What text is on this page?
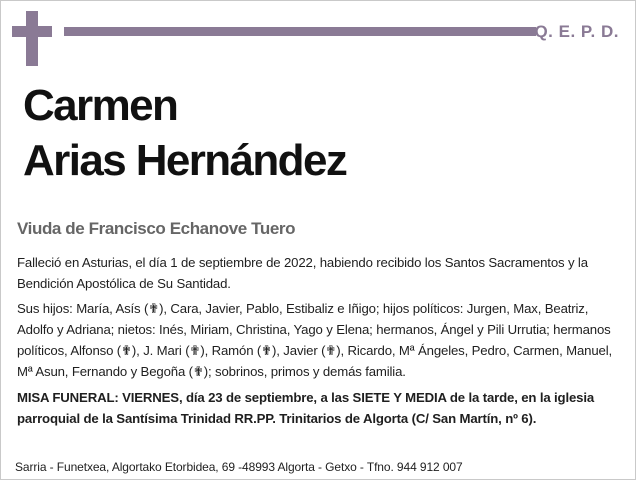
Q. E. P. D.
Carmen
Arias Hernández
Viuda de Francisco Echanove Tuero

Falleció en Asturias, el día 1 de septiembre de 2022, habiendo recibido los Santos Sacramentos y la Bendición Apostólica de Su Santidad.

Sus hijos: María, Asís (✟), Cara, Javier, Pablo, Estibaliz e Iñigo; hijos políticos: Jurgen, Max, Beatriz, Adolfo y Adriana; nietos: Inés, Miriam, Christina, Yago y Elena; hermanos, Ángel y Pili Urrutia; hermanos políticos, Alfonso (✟), J. Mari (✟), Ramón (✟), Javier (✟), Ricardo, Mª Ángeles, Pedro, Carmen, Manuel, Mª Asun, Fernando y Begoña (✟); sobrinos, primos y demás familia.

MISA FUNERAL: VIERNES, día 23 de septiembre, a las SIETE Y MEDIA de la tarde, en la iglesia parroquial de la Santísima Trinidad RR.PP. Trinitarios de Algorta (C/ San Martín, nº 6).

Sarria - Funetxea, Algortako Etorbidea, 69 -48993 Algorta - Getxo - Tfno. 944 912 007
